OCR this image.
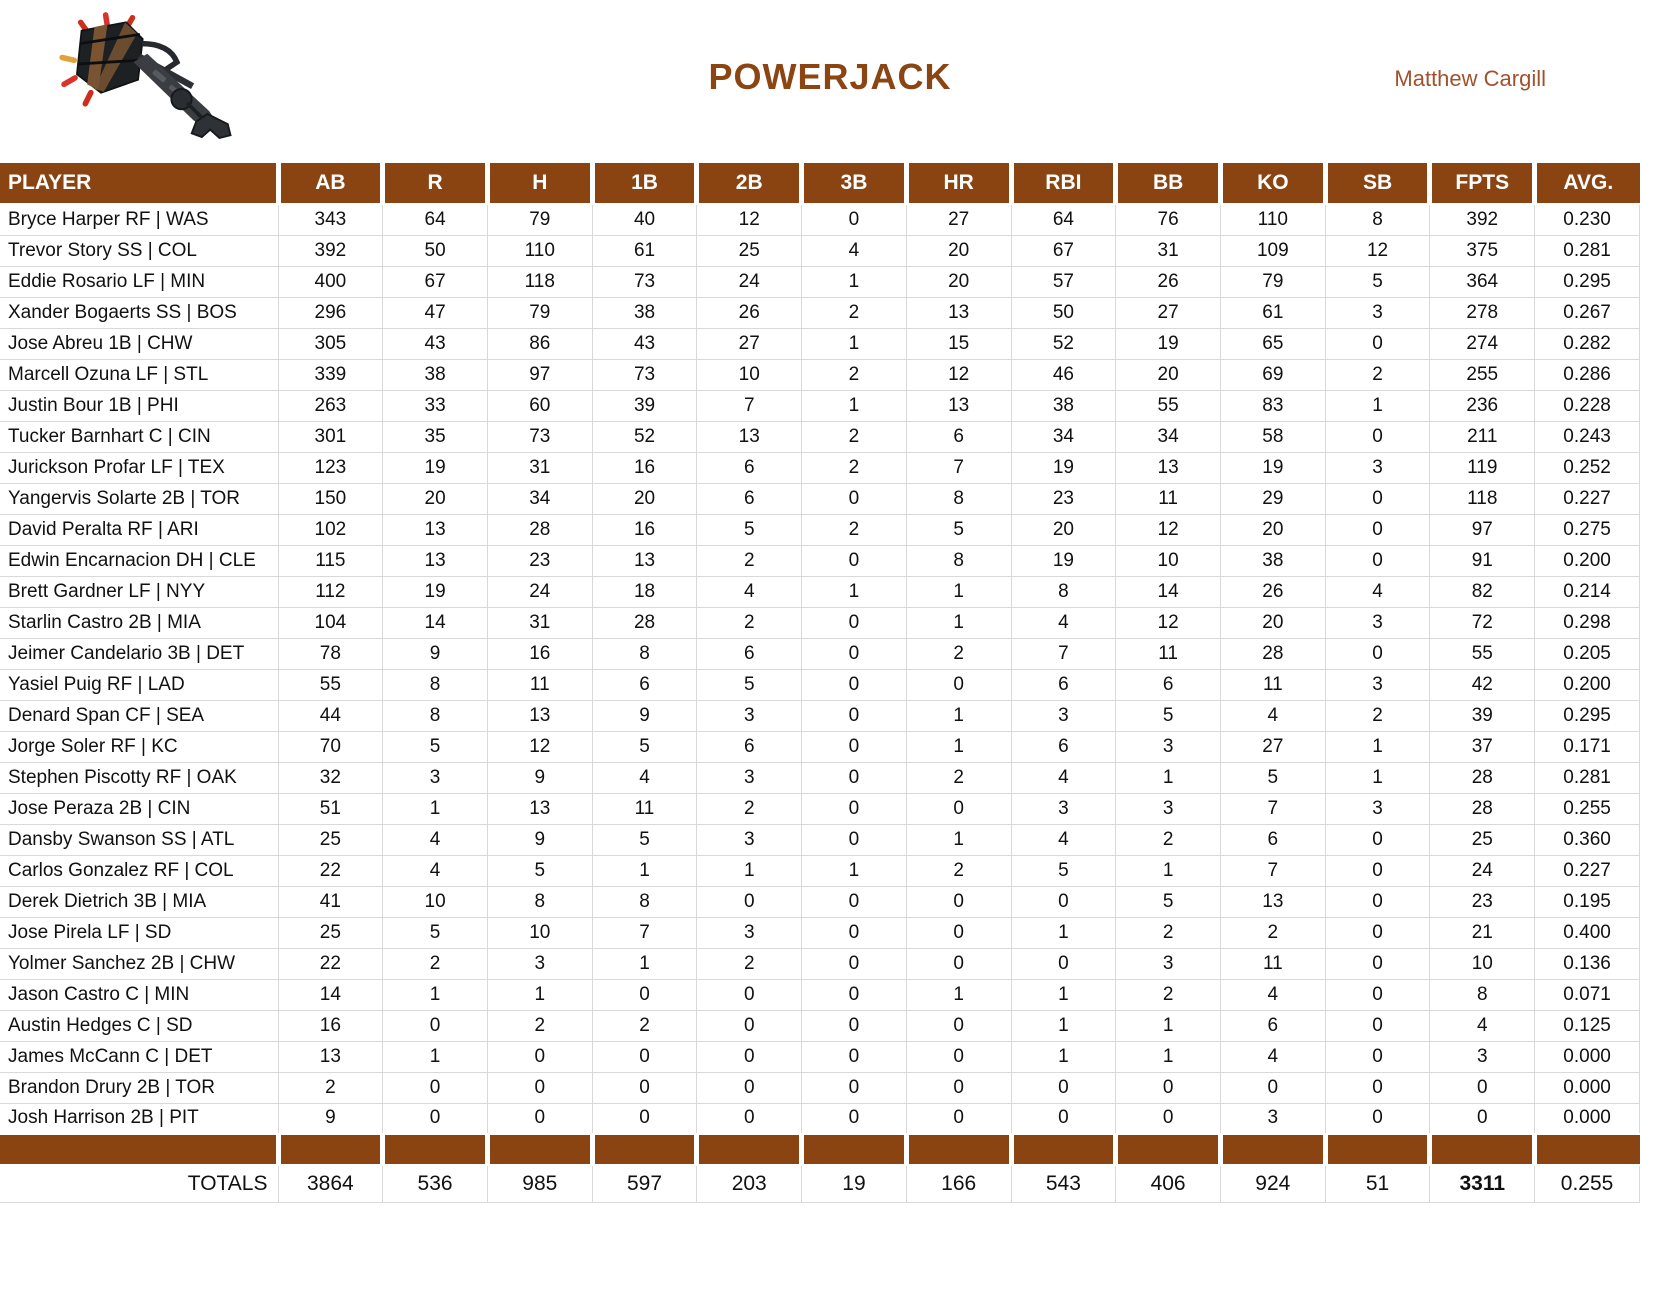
POWERJACK	Matthew Cargill
PLAYER	AB	R	H	1B	2B	3B	HR	RBI	BB	KO	SB	FPTS	AVG.
Bryce Harper RF | WAS	343	64	79	40	12	0	27	64	76	110	8	392	0.230
Trevor Story SS | COL	392	50	110	61	25	4	20	67	31	109	12	375	0.281
Eddie Rosario LF | MIN	400	67	118	73	24	1	20	57	26	79	5	364	0.295
Xander Bogaerts SS | BOS	296	47	79	38	26	2	13	50	27	61	3	278	0.267
Jose Abreu 1B | CHW	305	43	86	43	27	1	15	52	19	65	0	274	0.282
Marcell Ozuna LF | STL	339	38	97	73	10	2	12	46	20	69	2	255	0.286
Justin Bour 1B | PHI	263	33	60	39	7	1	13	38	55	83	1	236	0.228
Tucker Barnhart C | CIN	301	35	73	52	13	2	6	34	34	58	0	211	0.243
Jurickson Profar LF | TEX	123	19	31	16	6	2	7	19	13	19	3	119	0.252
Yangervis Solarte 2B | TOR	150	20	34	20	6	0	8	23	11	29	0	118	0.227
David Peralta RF | ARI	102	13	28	16	5	2	5	20	12	20	0	97	0.275
Edwin Encarnacion DH | CLE	115	13	23	13	2	0	8	19	10	38	0	91	0.200
Brett Gardner LF | NYY	112	19	24	18	4	1	1	8	14	26	4	82	0.214
Starlin Castro 2B | MIA	104	14	31	28	2	0	1	4	12	20	3	72	0.298
Jeimer Candelario 3B | DET	78	9	16	8	6	0	2	7	11	28	0	55	0.205
Yasiel Puig RF | LAD	55	8	11	6	5	0	0	6	6	11	3	42	0.200
Denard Span CF | SEA	44	8	13	9	3	0	1	3	5	4	2	39	0.295
Jorge Soler RF | KC	70	5	12	5	6	0	1	6	3	27	1	37	0.171
Stephen Piscotty RF | OAK	32	3	9	4	3	0	2	4	1	5	1	28	0.281
Jose Peraza 2B | CIN	51	1	13	11	2	0	0	3	3	7	3	28	0.255
Dansby Swanson SS | ATL	25	4	9	5	3	0	1	4	2	6	0	25	0.360
Carlos Gonzalez RF | COL	22	4	5	1	1	1	2	5	1	7	0	24	0.227
Derek Dietrich 3B | MIA	41	10	8	8	0	0	0	0	5	13	0	23	0.195
Jose Pirela LF | SD	25	5	10	7	3	0	0	1	2	2	0	21	0.400
Yolmer Sanchez 2B | CHW	22	2	3	1	2	0	0	0	3	11	0	10	0.136
Jason Castro C | MIN	14	1	1	0	0	0	1	1	2	4	0	8	0.071
Austin Hedges C | SD	16	0	2	2	0	0	0	1	1	6	0	4	0.125
James McCann C | DET	13	1	0	0	0	0	0	1	1	4	0	3	0.000
Brandon Drury 2B | TOR	2	0	0	0	0	0	0	0	0	0	0	0	0.000
Josh Harrison 2B | PIT	9	0	0	0	0	0	0	0	0	3	0	0	0.000

TOTALS	3864	536	985	597	203	19	166	543	406	924	51	3311	0.255
